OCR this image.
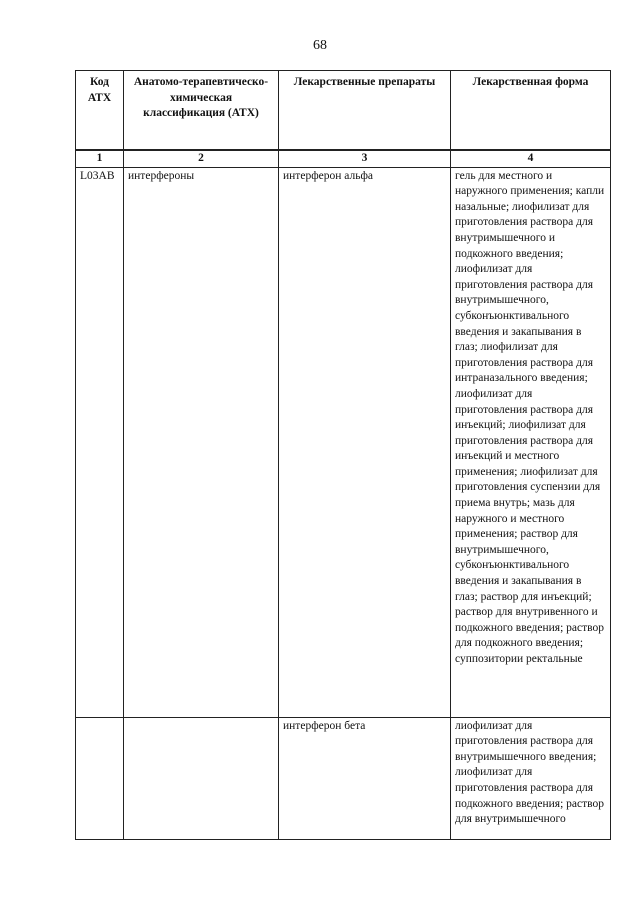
68
Код АТХ	Анатомо-терапевтическо-химическая классификация (АТХ)	Лекарственные препараты	Лекарственная форма
1	2	3	4
L03AB	интерфероны	интерферон альфа	гель для местного и наружного применения; капли назальные; лиофилизат для приготовления раствора для внутримышечного и подкожного введения; лиофилизат для приготовления раствора для внутримышечного, субконъюнктивального введения и закапывания в глаз; лиофилизат для приготовления раствора для интраназального введения; лиофилизат для приготовления раствора для инъекций; лиофилизат для приготовления раствора для инъекций и местного применения; лиофилизат для приготовления суспензии для приема внутрь; мазь для наружного и местного применения; раствор для внутримышечного, субконъюнктивального введения и закапывания в глаз; раствор для инъекций; раствор для внутривенного и подкожного введения; раствор для подкожного введения; суппозитории ректальные
		интерферон бета	лиофилизат для приготовления раствора для внутримышечного введения; лиофилизат для приготовления раствора для подкожного введения; раствор для внутримышечного
